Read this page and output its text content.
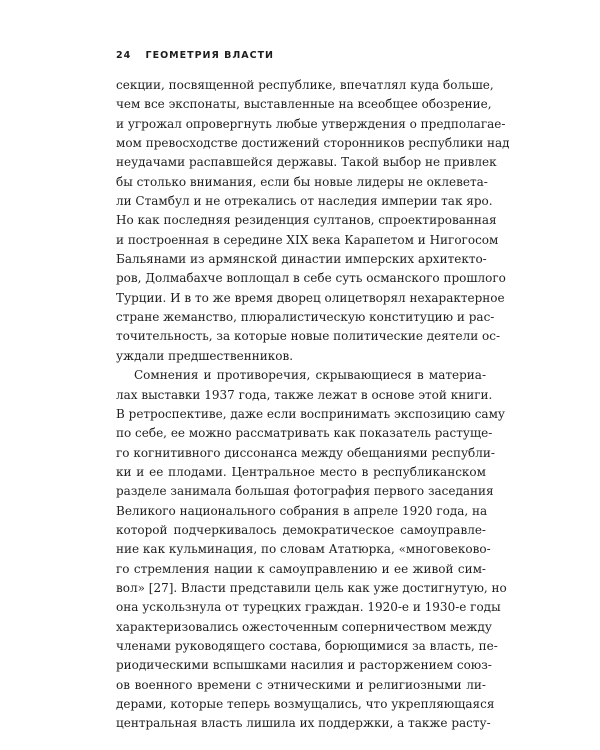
24 ГЕОМЕТРИЯ ВЛАСТИ
секции, посвященной республике, впечатлял куда больше,
чем все экспонаты, выставленные на всеобщее обозрение,
и угрожал опровергнуть любые утверждения о предполагае-
мом превосходстве достижений сторонников республики над
неудачами распавшейся державы. Такой выбор не привлек
бы столько внимания, если бы новые лидеры не оклевета-
ли Стамбул и не отрекались от наследия империи так яро.
Но как последняя резиденция султанов, спроектированная
и построенная в середине XIX века Карапетом и Нигогосом
Бальянами из армянской династии имперских архитекто-
ров, Долмабахче воплощал в себе суть османского прошлого
Турции. И в то же время дворец олицетворял нехарактерное
стране жеманство, плюралистическую конституцию и рас-
точительность, за которые новые политические деятели ос-
уждали предшественников.
Сомнения и противоречия, скрывающиеся в материа-
лах выставки 1937 года, также лежат в основе этой книги.
В ретроспективе, даже если воспринимать экспозицию саму
по себе, ее можно рассматривать как показатель растуще-
го когнитивного диссонанса между обещаниями республи-
ки и ее плодами. Центральное место в республиканском
разделе занимала большая фотография первого заседания
Великого национального собрания в апреле 1920 года, на
которой подчеркивалось демократическое самоуправле-
ние как кульминация, по словам Ататюрка, «многовеково-
го стремления нации к самоуправлению и ее живой сим-
вол» [27]. Власти представили цель как уже достигнутую, но
она ускользнула от турецких граждан. 1920-е и 1930-е годы
характеризовались ожесточенным соперничеством между
членами руководящего состава, борющимися за власть, пе-
риодическими вспышками насилия и расторжением союз-
ов военного времени с этническими и религиозными ли-
дерами, которые теперь возмущались, что укрепляющаяся
центральная власть лишила их поддержки, а также расту-
